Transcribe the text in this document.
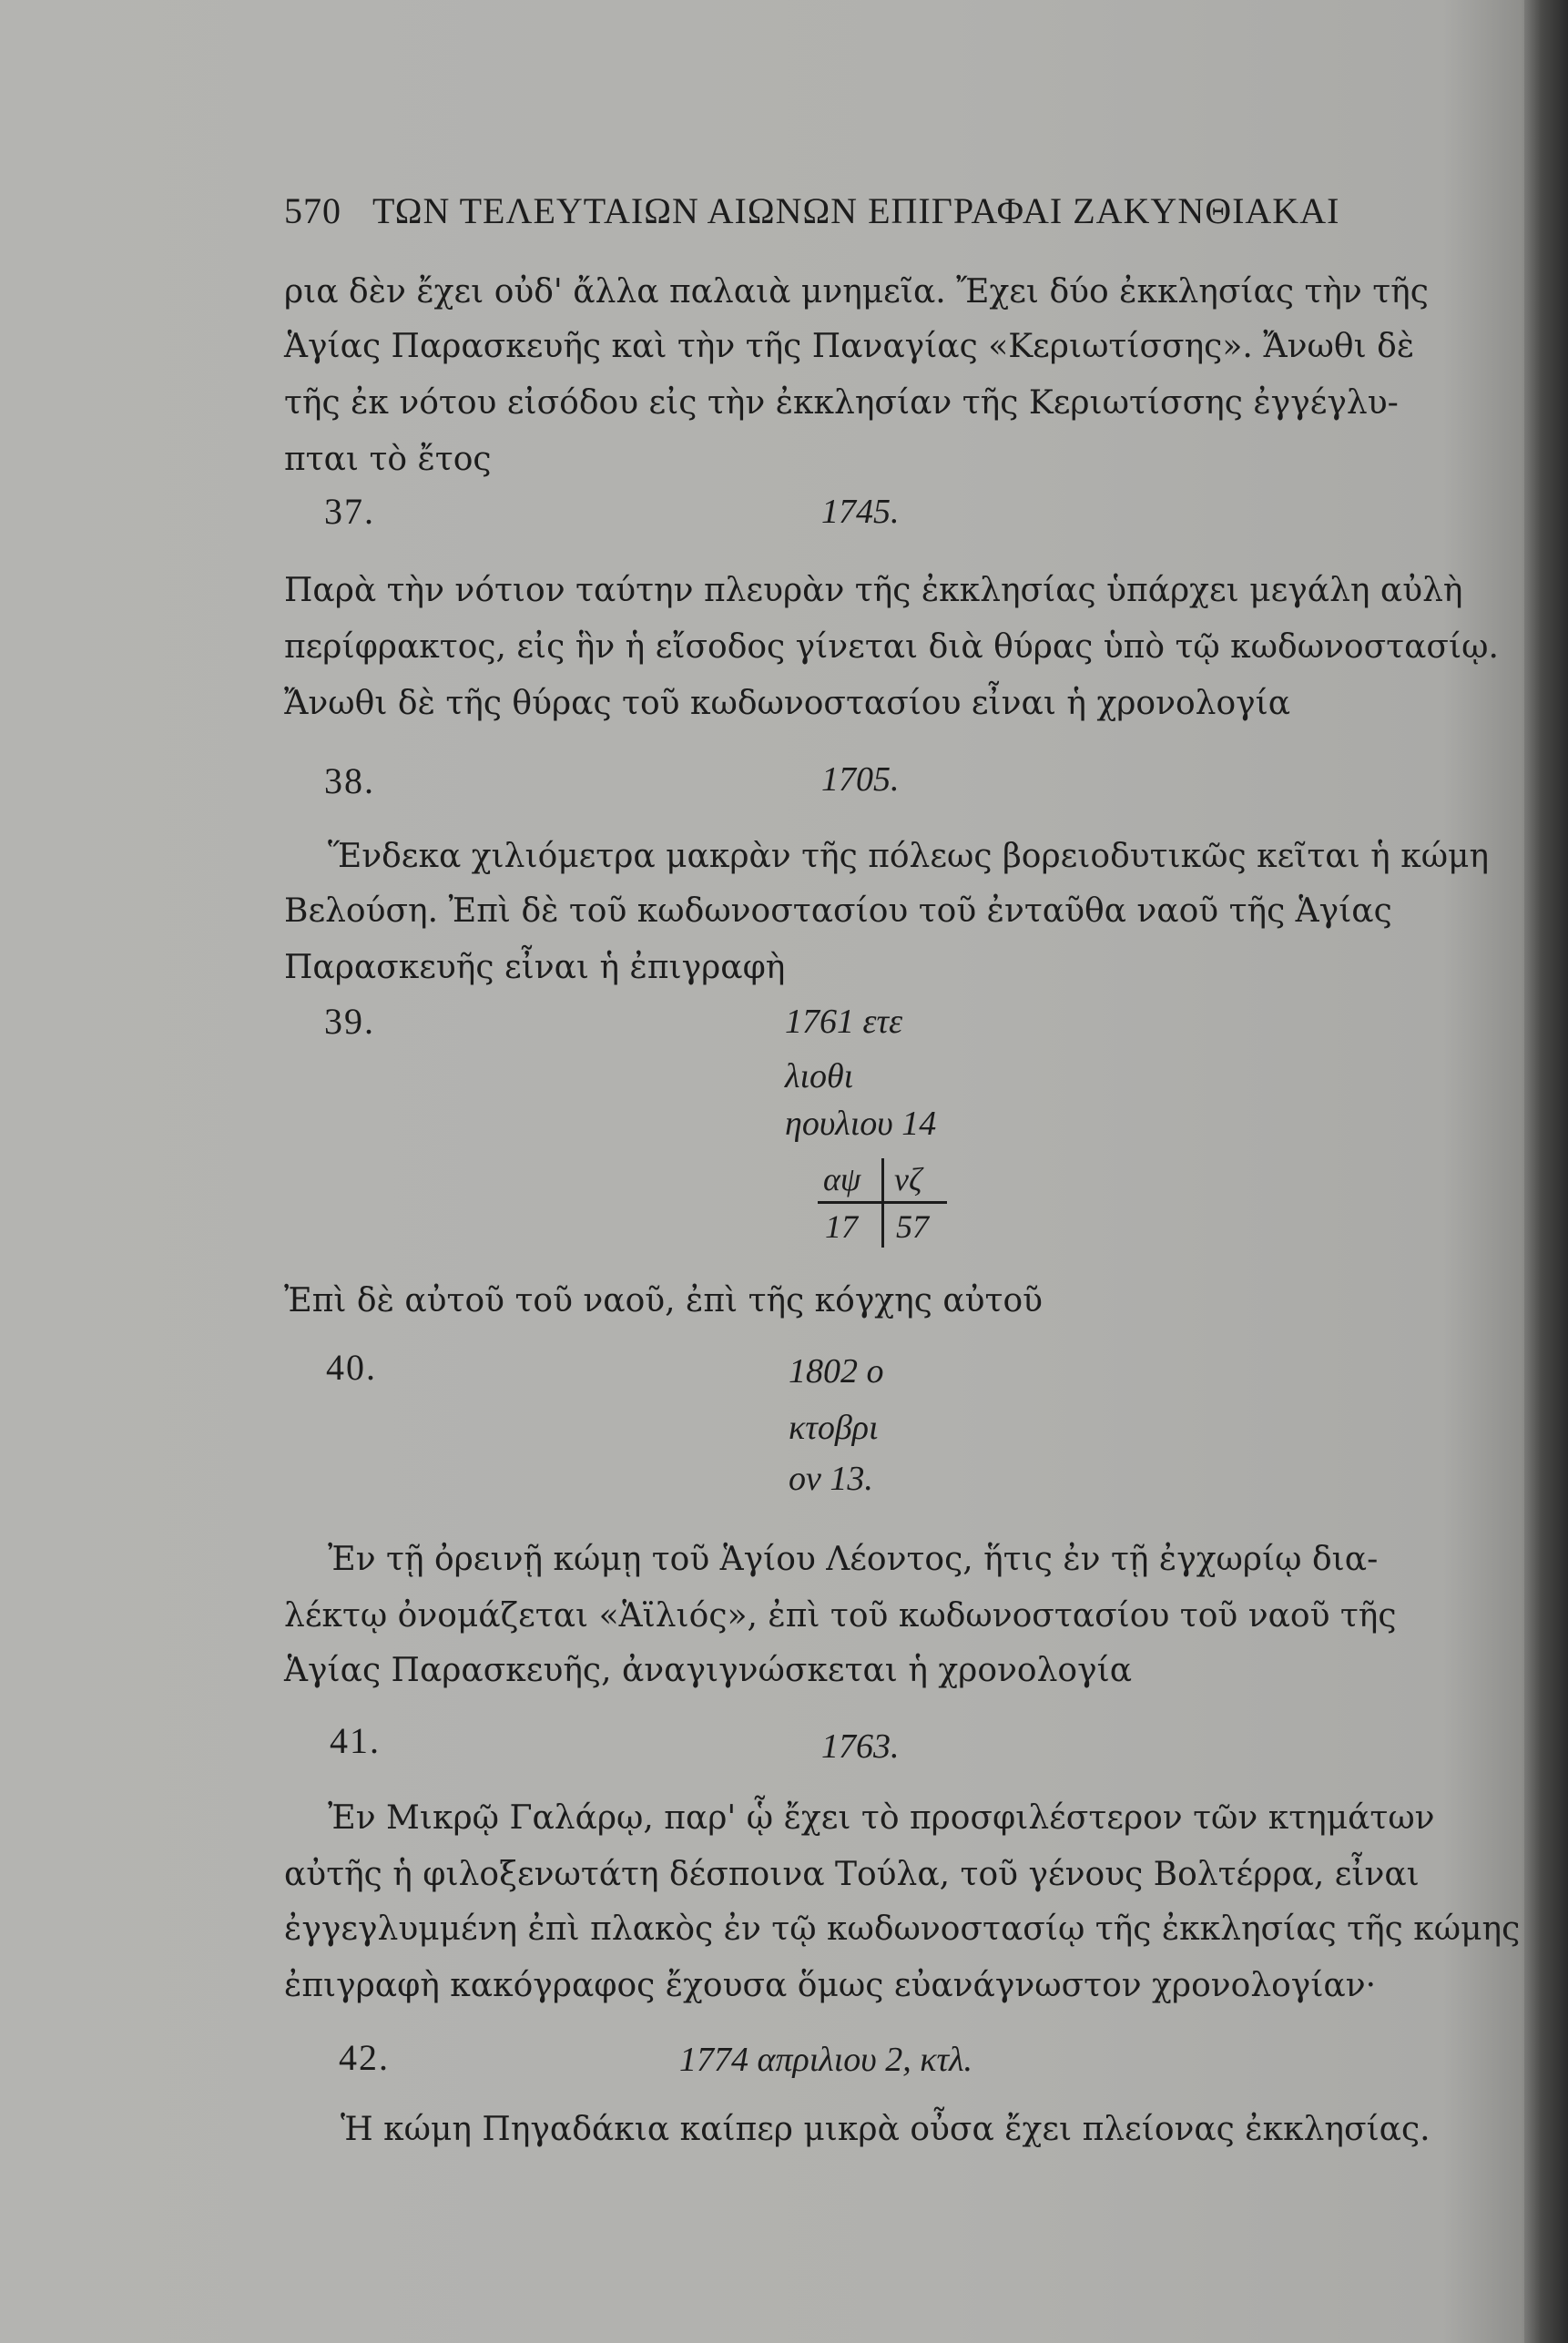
570 ΤΩΝ ΤΕΛΕΥΤΑΙΩΝ ΑΙΩΝΩΝ ΕΠΙΓΡΑΦΑΙ ΖΑΚΥΝΘΙΑΚΑΙ
ρια δὲν ἔχει οὐδ' ἄλλα παλαιὰ μνημεῖα. Ἔχει δύο ἐκκλησίας τὴν τῆς
Ἁγίας Παρασκευῆς καὶ τὴν τῆς Παναγίας «Κεριωτίσσης». Ἄνωθι δὲ
τῆς ἐκ νότου εἰσόδου εἰς τὴν ἐκκλησίαν τῆς Κεριωτίσσης ἐγγέγλυ-
πται τὸ ἔτος
37.	1745.
Παρὰ τὴν νότιον ταύτην πλευρὰν τῆς ἐκκλησίας ὑπάρχει μεγάλη αὐλὴ
περίφρακτος, εἰς ἣν ἡ εἴσοδος γίνεται διὰ θύρας ὑπὸ τῷ κωδωνοστασίῳ.
Ἄνωθι δὲ τῆς θύρας τοῦ κωδωνοστασίου εἶναι ἡ χρονολογία
38.	1705.
Ἕνδεκα χιλιόμετρα μακρὰν τῆς πόλεως βορειοδυτικῶς κεῖται ἡ κώμη
Βελούση. Ἐπὶ δὲ τοῦ κωδωνοστασίου τοῦ ἐνταῦθα ναοῦ τῆς Ἁγίας
Παρασκευῆς εἶναι ἡ ἐπιγραφὴ
39.	1761 ετε
λιοθι
ηουλιου 14
αψ νζ
17 57
Ἐπὶ δὲ αὐτοῦ τοῦ ναοῦ, ἐπὶ τῆς κόγχης αὐτοῦ
40.	1802 ο
κτοβρι
ον 13.
Ἐν τῇ ὀρεινῇ κώμῃ τοῦ Ἁγίου Λέοντος, ἥτις ἐν τῇ ἐγχωρίῳ δια-
λέκτῳ ὀνομάζεται «Ἁϊλιός», ἐπὶ τοῦ κωδωνοστασίου τοῦ ναοῦ τῆς
Ἁγίας Παρασκευῆς, ἀναγιγνώσκεται ἡ χρονολογία
41.	1763.
Ἐν Μικρῷ Γαλάρῳ, παρ' ᾧ ἔχει τὸ προσφιλέστερον τῶν κτημάτων
αὐτῆς ἡ φιλοξενωτάτη δέσποινα Τούλα, τοῦ γένους Βολτέρρα, εἶναι
ἐγγεγλυμμένη ἐπὶ πλακὸς ἐν τῷ κωδωνοστασίῳ τῆς ἐκκλησίας τῆς κώμης
ἐπιγραφὴ κακόγραφος ἔχουσα ὅμως εὐανάγνωστον χρονολογίαν·
42.	1774 απριλιου 2, κτλ.
Ἡ κώμη Πηγαδάκια καίπερ μικρὰ οὖσα ἔχει πλείονας ἐκκλησίας.
